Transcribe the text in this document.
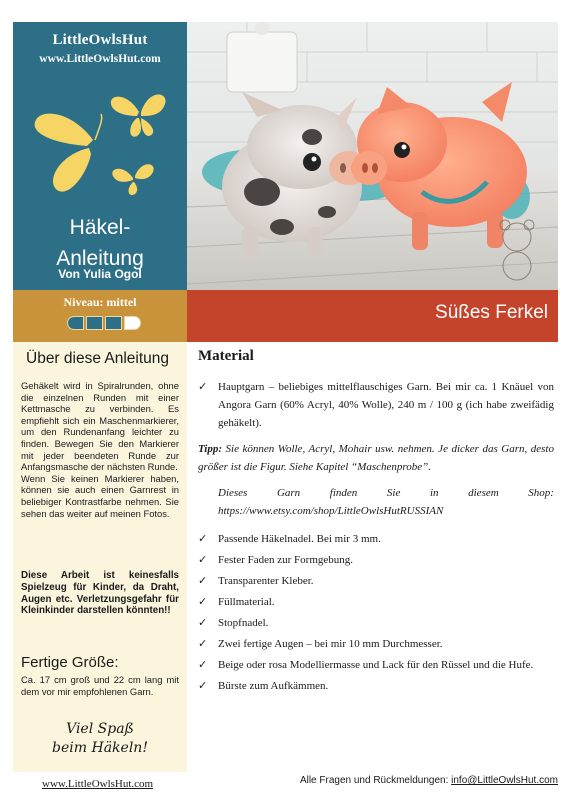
LittleOwlsHut
www.LittleOwlsHut.com
Häkel-
Anleitung
Von Yulia Ogol
Niveau: mittel	Süßes Ferkel
Über diese Anleitung

Gehäkelt wird in Spiralrunden, ohne die einzelnen Runden mit einer Kettmasche zu verbinden. Es empfiehlt sich ein Maschenmarkierer, um den Rundenanfang leichter zu finden. Bewegen Sie den Markierer mit jeder beendeten Runde zur Anfangsmasche der nächsten Runde.

Wenn Sie keinen Markierer haben, können sie auch einen Garnrest in beliebiger Kontrastfarbe nehmen. Sie sehen das weiter auf meinen Fotos.

Diese Arbeit ist keinesfalls Spielzeug für Kinder, da Draht, Augen etc. Verletzungsgefahr für Kleinkinder darstellen könnten!!
Fertige Größe:
Ca. 17 cm groß und 22 cm lang mit dem vor mir empfohlenen Garn.
Viel Spaß
beim Häkeln!
Material
✓ Hauptgarn – beliebiges mittelflauschiges Garn. Bei mir ca. 1 Knäuel von Angora Garn (60% Acryl, 40% Wolle), 240 m / 100 g (ich habe zweifädig gehäkelt).
Tipp: Sie können Wolle, Acryl, Mohair usw. nehmen. Je dicker das Garn, desto größer ist die Figur. Siehe Kapitel “Maschenprobe”.
Dieses	Garn	finden	Sie	in	diesem	Shop:
https://www.etsy.com/shop/LittleOwlsHutRUSSIAN
✓ Passende Häkelnadel. Bei mir 3 mm.
✓ Fester Faden zur Formgebung.
✓ Transparenter Kleber.
✓ Füllmaterial.
✓ Stopfnadel.
✓ Zwei fertige Augen – bei mir 10 mm Durchmesser.
✓ Beige oder rosa Modelliermasse und Lack für den Rüssel und die Hufe.
✓ Bürste zum Aufkämmen.
www.LittleOwlsHut.com	Alle Fragen und Rückmeldungen: info@LittleOwlsHut.com
